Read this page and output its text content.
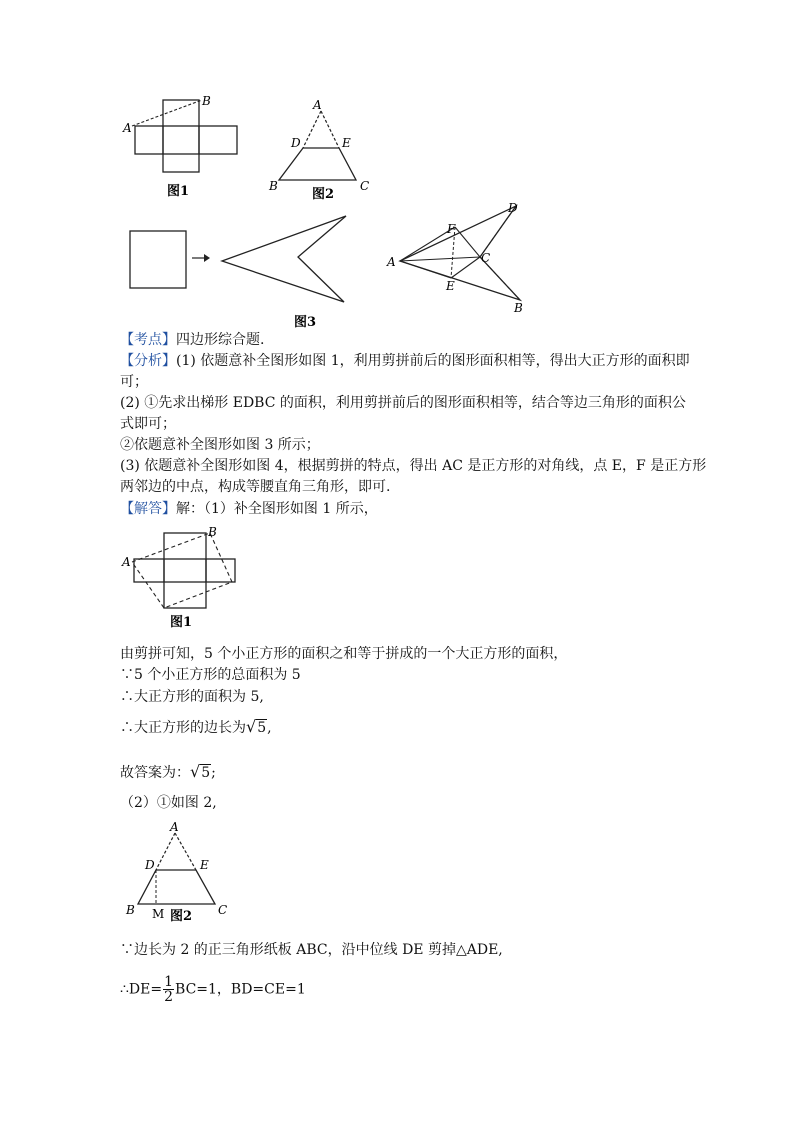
A
B
图1
A
D	E
B	C
图2
A
F
C
D
E
B
图3
【考点】四边形综合题.
【分析】(1) 依题意补全图形如图 1，利用剪拼前后的图形面积相等，得出大正方形的面积即
可；
(2) ①先求出梯形 EDBC 的面积，利用剪拼前后的图形面积相等，结合等边三角形的面积公
式即可；
②依题意补全图形如图 3 所示；
(3) 依题意补全图形如图 4，根据剪拼的特点，得出 AC 是正方形的对角线，点 E，F 是正方形
两邻边的中点，构成等腰直角三角形，即可.
【解答】解：（1）补全图形如图 1 所示，
A
B
图1
由剪拼可知，5 个小正方形的面积之和等于拼成的一个大正方形的面积，
∵5 个小正方形的总面积为 5
∴大正方形的面积为 5,
∴大正方形的边长为√5,
故答案为：√5;
（2）①如图 2,
A
D	E
B M	C
图2
∵边长为 2 的正三角形纸板 ABC，沿中位线 DE 剪掉△ADE,
∴DE= $\frac{1}{2} BC=1$，BD=CE=1
